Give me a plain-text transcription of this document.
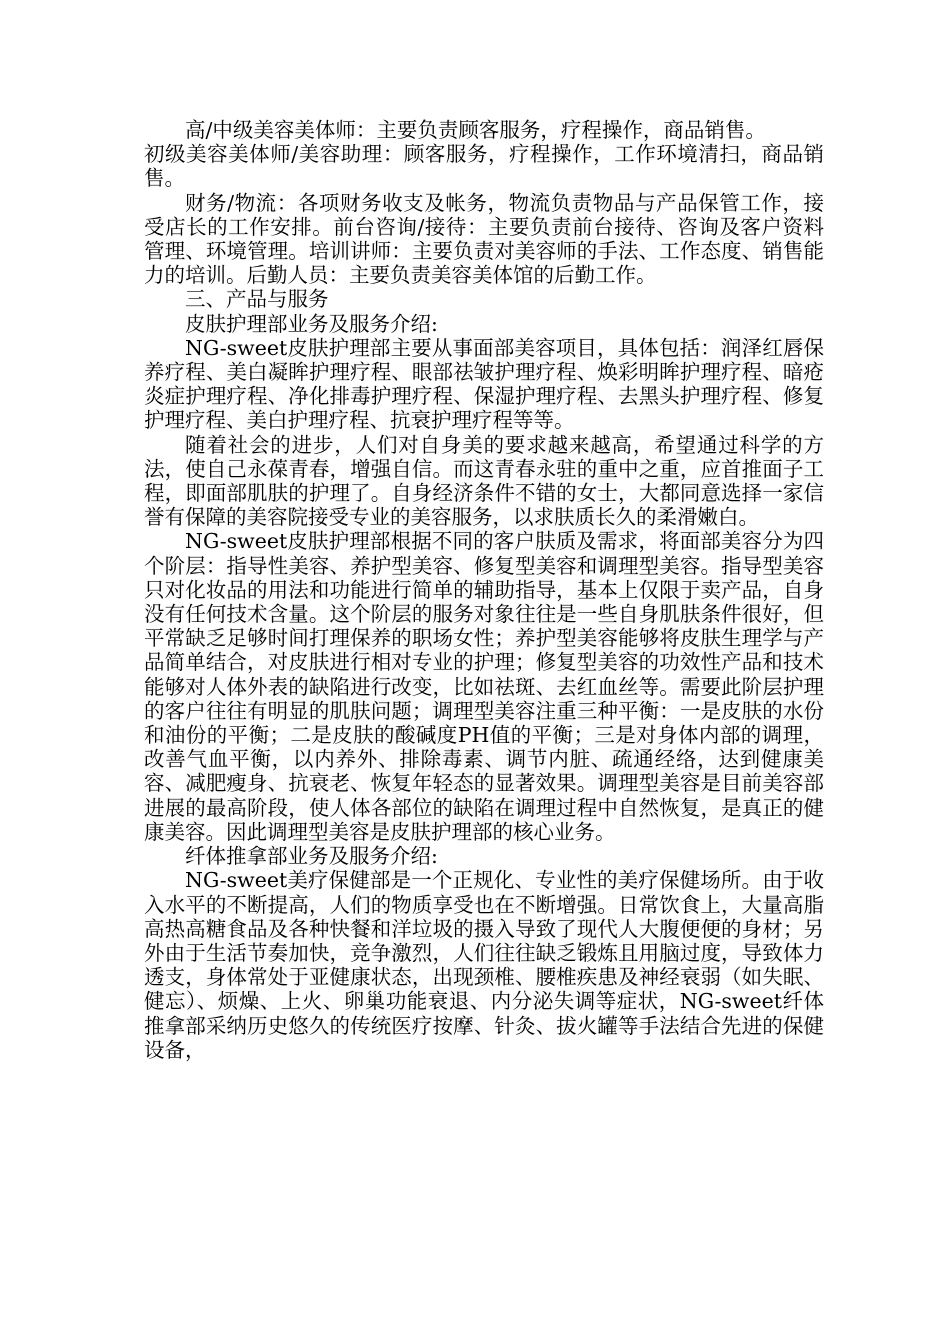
高/中级美容美体师：主要负责顾客服务，疗程操作，商品销售。

初级美容美体师/美容助理：顾客服务，疗程操作，工作环境清扫，商品销售。

财务/物流：各项财务收支及帐务，物流负责物品与产品保管工作，接受店长的工作安排。前台咨询/接待：主要负责前台接待、咨询及客户资料管理、环境管理。培训讲师：主要负责对美容师的手法、工作态度、销售能力的培训。后勤人员：主要负责美容美体馆的后勤工作。

三、产品与服务

皮肤护理部业务及服务介绍:

NG-sweet皮肤护理部主要从事面部美容项目，具体包括：润泽红唇保养疗程、美白凝眸护理疗程、眼部祛皱护理疗程、焕彩明眸护理疗程、暗疮炎症护理疗程、净化排毒护理疗程、保湿护理疗程、去黑头护理疗程、修复护理疗程、美白护理疗程、抗衰护理疗程等等。

随着社会的进步，人们对自身美的要求越来越高，希望通过科学的方法，使自己永葆青春，增强自信。而这青春永驻的重中之重，应首推面子工程，即面部肌肤的护理了。自身经济条件不错的女士，大都同意选择一家信誉有保障的美容院接受专业的美容服务，以求肤质长久的柔滑嫩白。

NG-sweet皮肤护理部根据不同的客户肤质及需求，将面部美容分为四个阶层：指导性美容、养护型美容、修复型美容和调理型美容。指导型美容只对化妆品的用法和功能进行简单的辅助指导，基本上仅限于卖产品，自身没有任何技术含量。这个阶层的服务对象往往是一些自身肌肤条件很好，但平常缺乏足够时间打理保养的职场女性；养护型美容能够将皮肤生理学与产品简单结合，对皮肤进行相对专业的护理；修复型美容的功效性产品和技术能够对人体外表的缺陷进行改变，比如祛斑、去红血丝等。需要此阶层护理的客户往往有明显的肌肤问题；调理型美容注重三种平衡：一是皮肤的水份和油份的平衡；二是皮肤的酸碱度PH值的平衡；三是对身体内部的调理，改善气血平衡，以内养外、排除毒素、调节内脏、疏通经络，达到健康美容、减肥瘦身、抗衰老、恢复年轻态的显著效果。调理型美容是目前美容部进展的最高阶段，使人体各部位的缺陷在调理过程中自然恢复，是真正的健康美容。因此调理型美容是皮肤护理部的核心业务。

纤体推拿部业务及服务介绍:

NG-sweet美疗保健部是一个正规化、专业性的美疗保健场所。由于收入水平的不断提高，人们的物质享受也在不断增强。日常饮食上，大量高脂高热高糖食品及各种快餐和洋垃圾的摄入导致了现代人大腹便便的身材；另外由于生活节奏加快，竞争激烈，人们往往缺乏锻炼且用脑过度，导致体力透支，身体常处于亚健康状态，出现颈椎、腰椎疾患及神经衰弱（如失眠、健忘）、烦燥、上火、卵巢功能衰退、内分泌失调等症状，NG-sweet纤体推拿部采纳历史悠久的传统医疗按摩、针灸、拔火罐等手法结合先进的保健设备，
